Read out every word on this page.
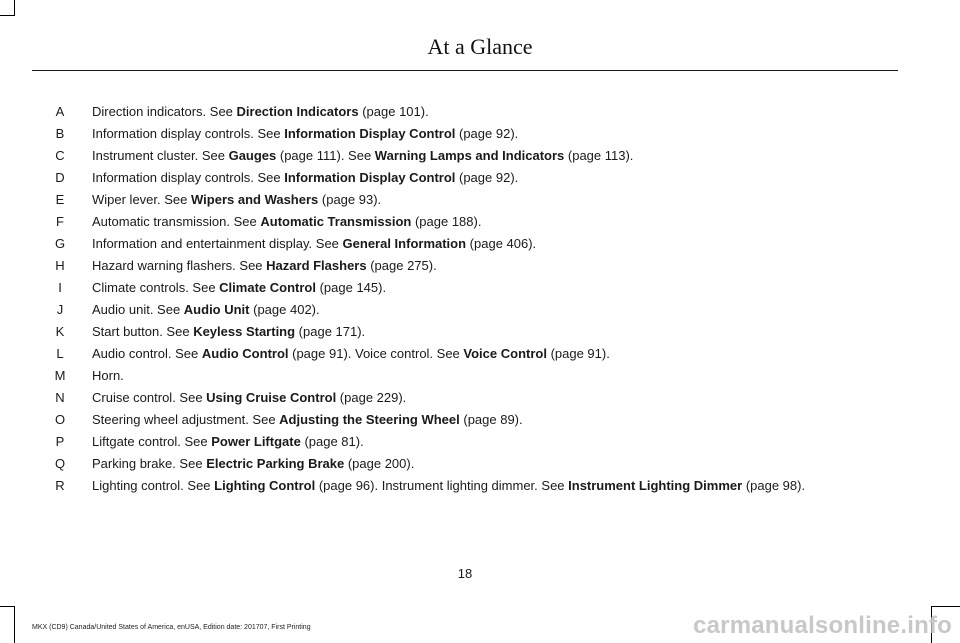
At a Glance
A Direction indicators. See Direction Indicators (page 101).
B Information display controls. See Information Display Control (page 92).
C Instrument cluster. See Gauges (page 111). See Warning Lamps and Indicators (page 113).
D Information display controls. See Information Display Control (page 92).
E Wiper lever. See Wipers and Washers (page 93).
F	Automatic transmission. See Automatic Transmission (page 188).
G Information and entertainment display. See General Information (page 406).
H Hazard warning flashers. See Hazard Flashers (page 275).
I	Climate controls. See Climate Control (page 145).
J	Audio unit. See Audio Unit (page 402).
K Start button. See Keyless Starting (page 171).
L	Audio control. See Audio Control (page 91). Voice control. See Voice Control (page 91).
M Horn.
N Cruise control. See Using Cruise Control (page 229).
O Steering wheel adjustment. See Adjusting the Steering Wheel (page 89).
P Liftgate control. See Power Liftgate (page 81).
Q Parking brake. See Electric Parking Brake (page 200).
R Lighting control. See Lighting Control (page 96). Instrument lighting dimmer. See Instrument Lighting Dimmer (page 98).
18
MKX (CD9) Canada/United States of America, enUSA, Edition date: 201707, First Printing	carmanualsonline.info
